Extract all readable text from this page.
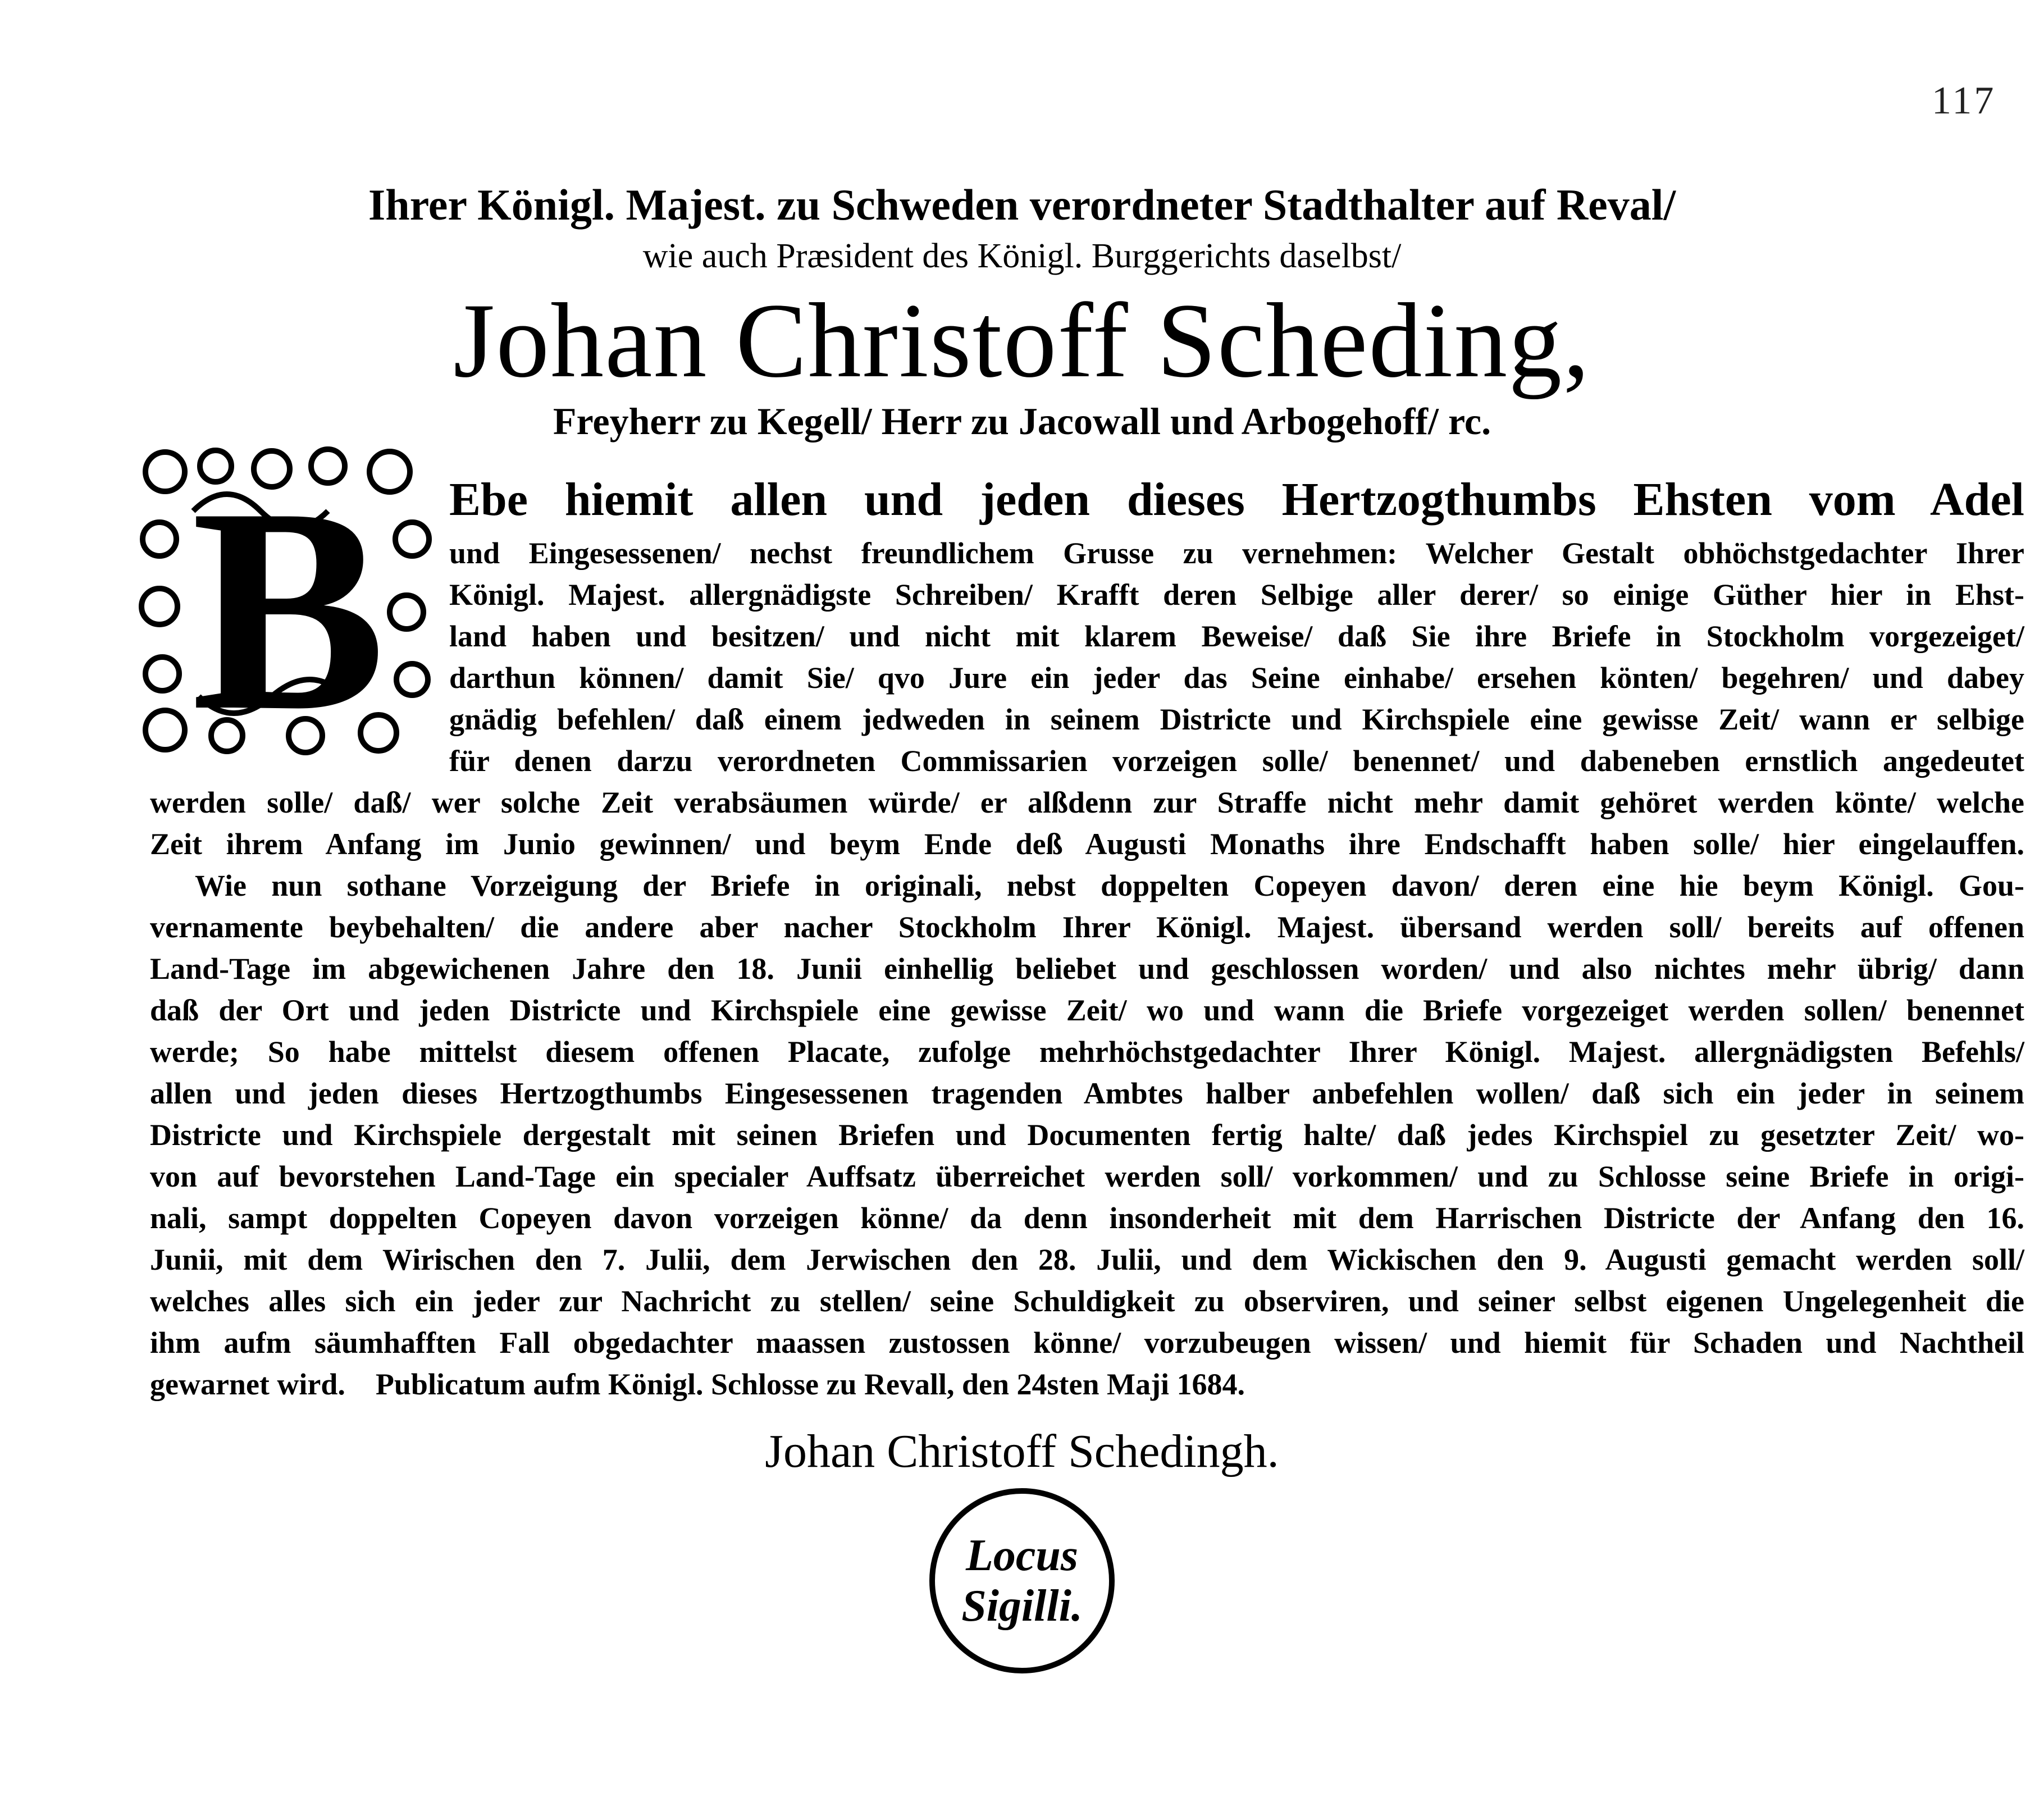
117
Ihrer Königl. Majest. zu Schweden verordneter Stadthalter auf Reval/
wie auch Præsident des Königl. Burggerichts daselbst/
Johan Christoff Scheding,
Freyherr zu Kegell/ Herr zu Jacowall und Arbogehoff/ rc.
B Ebe hiemit allen und jeden dieses Hertzogthumbs Ehsten vom Adel
Johan Christoff Schedingh.
Locus
Sigilli.
und Eingesessenen/ nechst freundlichem Grusse zu vernehmen: Welcher Gestalt obhöchstgedachter Ihrer
Königl. Majest. allergnädigste Schreiben/ Krafft deren Selbige aller derer/ so einige Güther hier in Ehst-
land haben und besitzen/ und nicht mit klarem Beweise/ daß Sie ihre Briefe in Stockholm vorgezeiget/
darthun können/ damit Sie/ qvo Jure ein jeder das Seine einhabe/ ersehen könten/ begehren/ und dabey
gnädig befehlen/ daß einem jedweden in seinem Districte und Kirchspiele eine gewisse Zeit/ wann er selbige
für denen darzu verordneten Commissarien vorzeigen solle/ benennet/ und dabeneben ernstlich angedeutet
werden solle/ daß/ wer solche Zeit verabsäumen würde/ er alßdenn zur Straffe nicht mehr damit gehöret werden könte/ welche
Zeit ihrem Anfang im Junio gewinnen/ und beym Ende deß Augusti Monaths ihre Endschafft haben solle/ hier eingelauffen.
Wie nun sothane Vorzeigung der Briefe in originali, nebst doppelten Copeyen davon/ deren eine hie beym Königl. Gou-
vernamente beybehalten/ die andere aber nacher Stockholm Ihrer Königl. Majest. übersand werden soll/ bereits auf offenen
Land-Tage im abgewichenen Jahre den 18. Junii einhellig beliebet und geschlossen worden/ und also nichtes mehr übrig/ dann
daß der Ort und jeden Districte und Kirchspiele eine gewisse Zeit/ wo und wann die Briefe vorgezeiget werden sollen/ benennet
werde; So habe mittelst diesem offenen Placate, zufolge mehrhöchstgedachter Ihrer Königl. Majest. allergnädigsten Befehls/
allen und jeden dieses Hertzogthumbs Eingesessenen tragenden Ambtes halber anbefehlen wollen/ daß sich ein jeder in seinem
Districte und Kirchspiele dergestalt mit seinen Briefen und Documenten fertig halte/ daß jedes Kirchspiel zu gesetzter Zeit/ wo-
von auf bevorstehen Land-Tage ein specialer Auffsatz überreichet werden soll/ vorkommen/ und zu Schlosse seine Briefe in origi-
nali, sampt doppelten Copeyen davon vorzeigen könne/ da denn insonderheit mit dem Harrischen Districte der Anfang den 16.
Junii, mit dem Wirischen den 7. Julii, dem Jerwischen den 28. Julii, und dem Wickischen den 9. Augusti gemacht werden soll/
welches alles sich ein jeder zur Nachricht zu stellen/ seine Schuldigkeit zu observiren, und seiner selbst eigenen Ungelegenheit die
ihm aufm säumhafften Fall obgedachter maassen zustossen könne/ vorzubeugen wissen/ und hiemit für Schaden und Nachtheil
gewarnet wird.    Publicatum aufm Königl. Schlosse zu Revall, den 24sten Maji 1684.
